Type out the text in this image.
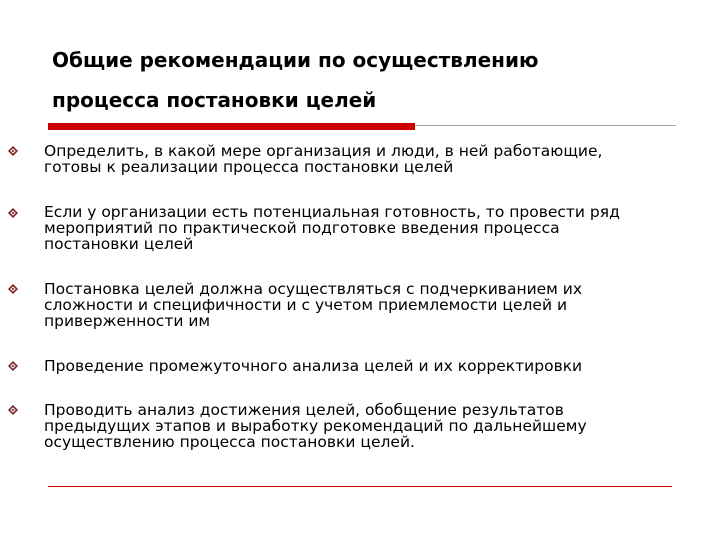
Общие рекомендации по осуществлению
процесса постановки целей
Определить, в какой мере организация и люди, в ней работающие,
готовы к реализации процесса постановки целей
Если у организации есть потенциальная готовность, то провести ряд
мероприятий по практической подготовке введения процесса
постановки целей
Постановка целей должна осуществляться с подчеркиванием их
сложности и специфичности и с учетом приемлемости целей и
приверженности им
Проведение промежуточного анализа целей и их корректировки
Проводить анализ достижения целей, обобщение результатов
предыдущих этапов и выработку рекомендаций по дальнейшему
осуществлению процесса постановки целей.
